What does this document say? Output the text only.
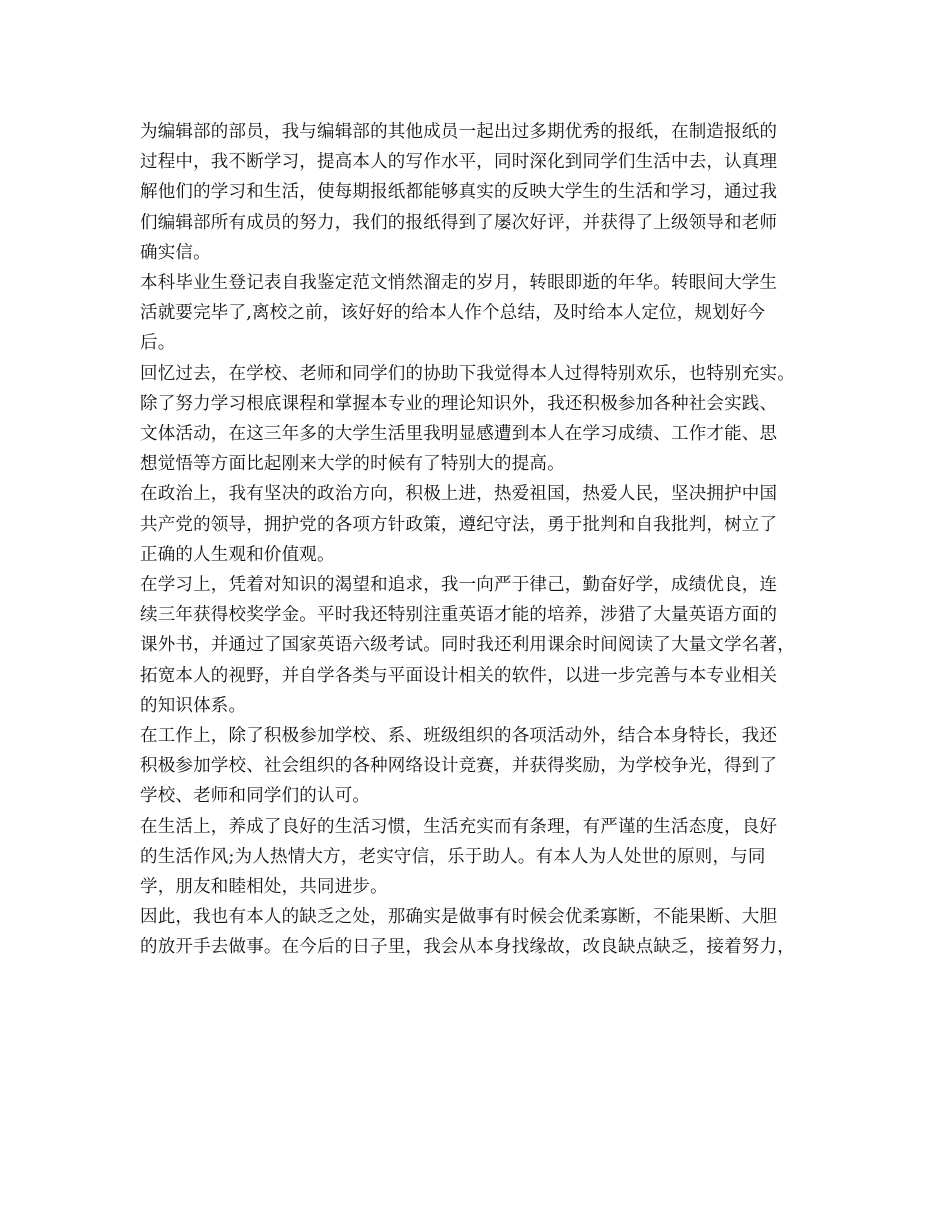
为编辑部的部员，我与编辑部的其他成员一起出过多期优秀的报纸，在制造报纸的
过程中，我不断学习，提高本人的写作水平，同时深化到同学们生活中去，认真理
解他们的学习和生活，使每期报纸都能够真实的反映大学生的生活和学习，通过我
们编辑部所有成员的努力，我们的报纸得到了屡次好评，并获得了上级领导和老师
确实信。

本科毕业生登记表自我鉴定范文悄然溜走的岁月，转眼即逝的年华。转眼间大学生
活就要完毕了,离校之前，该好好的给本人作个总结，及时给本人定位，规划好今
后。

回忆过去，在学校、老师和同学们的协助下我觉得本人过得特别欢乐，也特别充实。
除了努力学习根底课程和掌握本专业的理论知识外，我还积极参加各种社会实践、
文体活动，在这三年多的大学生活里我明显感遭到本人在学习成绩、工作才能、思
想觉悟等方面比起刚来大学的时候有了特别大的提高。

在政治上，我有坚决的政治方向，积极上进，热爱祖国，热爱人民，坚决拥护中国
共产党的领导，拥护党的各项方针政策，遵纪守法，勇于批判和自我批判，树立了
正确的人生观和价值观。

在学习上，凭着对知识的渴望和追求，我一向严于律己，勤奋好学，成绩优良，连
续三年获得校奖学金。平时我还特别注重英语才能的培养，涉猎了大量英语方面的
课外书，并通过了国家英语六级考试。同时我还利用课余时间阅读了大量文学名著，
拓宽本人的视野，并自学各类与平面设计相关的软件，以进一步完善与本专业相关
的知识体系。

在工作上，除了积极参加学校、系、班级组织的各项活动外，结合本身特长，我还
积极参加学校、社会组织的各种网络设计竞赛，并获得奖励，为学校争光，得到了
学校、老师和同学们的认可。

在生活上，养成了良好的生活习惯，生活充实而有条理，有严谨的生活态度，良好
的生活作风;为人热情大方，老实守信，乐于助人。有本人为人处世的原则，与同
学，朋友和睦相处，共同进步。

因此，我也有本人的缺乏之处，那确实是做事有时候会优柔寡断，不能果断、大胆
的放开手去做事。在今后的日子里，我会从本身找缘故，改良缺点缺乏，接着努力，
